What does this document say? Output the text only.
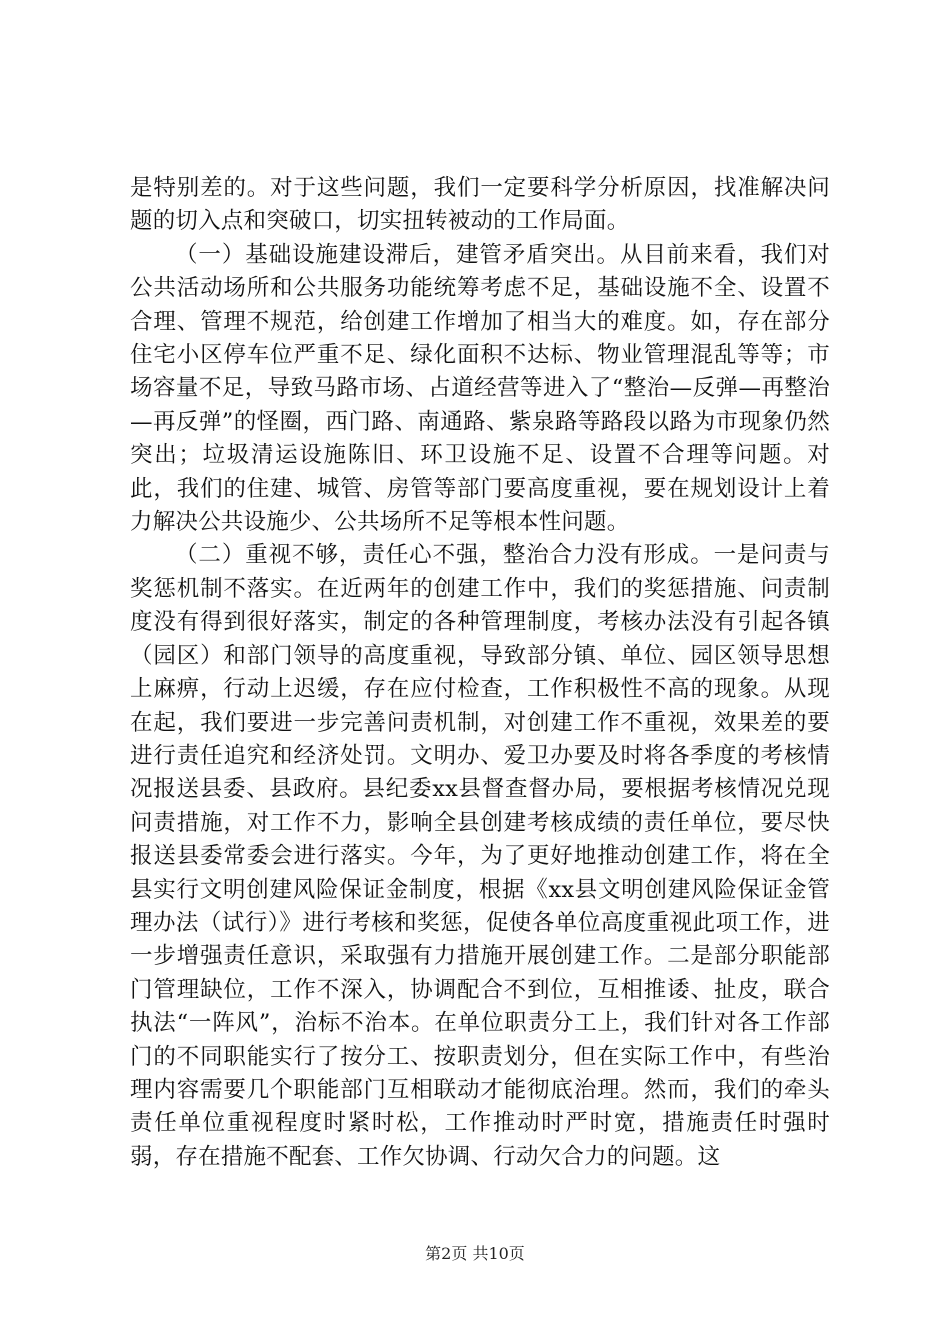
是特别差的。对于这些问题，我们一定要科学分析原因，找准解决问题的切入点和突破口，切实扭转被动的工作局面。

（一）基础设施建设滞后，建管矛盾突出。从目前来看，我们对公共活动场所和公共服务功能统筹考虑不足，基础设施不全、设置不合理、管理不规范，给创建工作增加了相当大的难度。如，存在部分住宅小区停车位严重不足、绿化面积不达标、物业管理混乱等等；市场容量不足，导致马路市场、占道经营等进入了“整治—反弹—再整治—再反弹”的怪圈，西门路、南通路、紫泉路等路段以路为市现象仍然突出；垃圾清运设施陈旧、环卫设施不足、设置不合理等问题。对此，我们的住建、城管、房管等部门要高度重视，要在规划设计上着力解决公共设施少、公共场所不足等根本性问题。

（二）重视不够，责任心不强，整治合力没有形成。一是问责与奖惩机制不落实。在近两年的创建工作中，我们的奖惩措施、问责制度没有得到很好落实，制定的各种管理制度，考核办法没有引起各镇（园区）和部门领导的高度重视，导致部分镇、单位、园区领导思想上麻痹，行动上迟缓，存在应付检查，工作积极性不高的现象。从现在起，我们要进一步完善问责机制，对创建工作不重视，效果差的要进行责任追究和经济处罚。文明办、爱卫办要及时将各季度的考核情况报送县委、县政府。县纪委xx县督查督办局，要根据考核情况兑现问责措施，对工作不力，影响全县创建考核成绩的责任单位，要尽快报送县委常委会进行落实。今年，为了更好地推动创建工作，将在全县实行文明创建风险保证金制度，根据《xx县文明创建风险保证金管理办法（试行）》进行考核和奖惩，促使各单位高度重视此项工作，进一步增强责任意识，采取强有力措施开展创建工作。二是部分职能部门管理缺位，工作不深入，协调配合不到位，互相推诿、扯皮，联合执法“一阵风”，治标不治本。在单位职责分工上，我们针对各工作部门的不同职能实行了按分工、按职责划分，但在实际工作中，有些治理内容需要几个职能部门互相联动才能彻底治理。然而，我们的牵头责任单位重视程度时紧时松，工作推动时严时宽，措施责任时强时弱，存在措施不配套、工作欠协调、行动欠合力的问题。这

第2页 共10页
